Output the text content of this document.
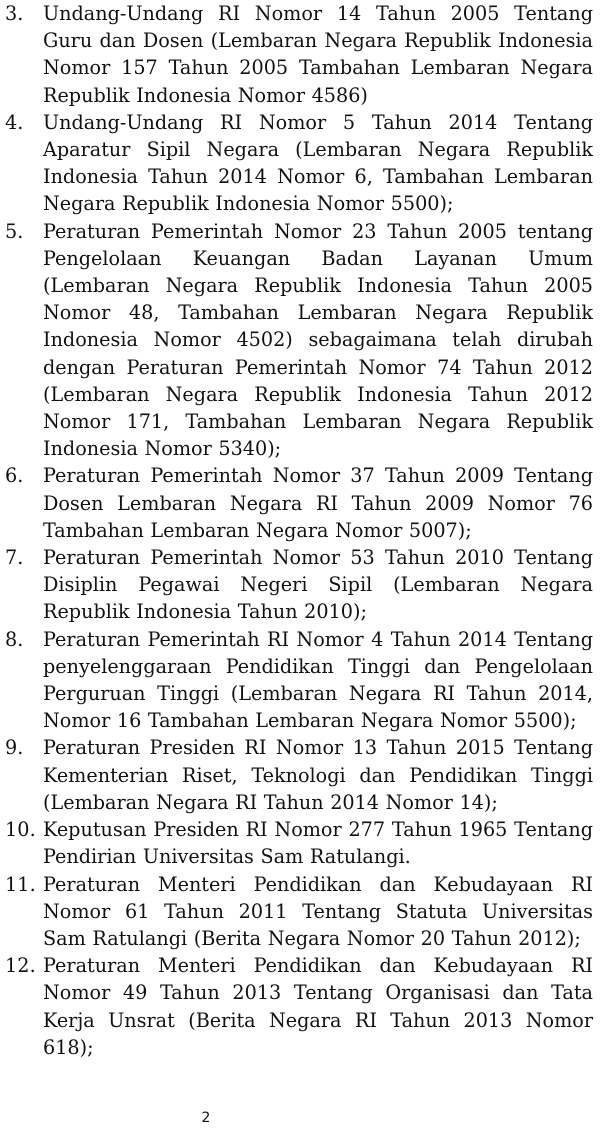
3. Undang-Undang RI Nomor 14 Tahun 2005 Tentang Guru dan Dosen (Lembaran Negara Republik Indonesia Nomor 157 Tahun 2005 Tambahan Lembaran Negara Republik Indonesia Nomor 4586)
4. Undang-Undang RI Nomor 5 Tahun 2014 Tentang Aparatur Sipil Negara (Lembaran Negara Republik Indonesia Tahun 2014 Nomor 6, Tambahan Lembaran Negara Republik Indonesia Nomor 5500);
5. Peraturan Pemerintah Nomor 23 Tahun 2005 tentang Pengelolaan Keuangan Badan Layanan Umum (Lembaran Negara Republik Indonesia Tahun 2005 Nomor 48, Tambahan Lembaran Negara Republik Indonesia Nomor 4502) sebagaimana telah dirubah dengan Peraturan Pemerintah Nomor 74 Tahun 2012 (Lembaran Negara Republik Indonesia Tahun 2012 Nomor 171, Tambahan Lembaran Negara Republik Indonesia Nomor 5340);
6. Peraturan Pemerintah Nomor 37 Tahun 2009 Tentang Dosen Lembaran Negara RI Tahun 2009 Nomor 76 Tambahan Lembaran Negara Nomor 5007);
7. Peraturan Pemerintah Nomor 53 Tahun 2010 Tentang Disiplin Pegawai Negeri Sipil (Lembaran Negara Republik Indonesia Tahun 2010);
8. Peraturan Pemerintah RI Nomor 4 Tahun 2014 Tentang penyelenggaraan Pendidikan Tinggi dan Pengelolaan Perguruan Tinggi (Lembaran Negara RI Tahun 2014, Nomor 16 Tambahan Lembaran Negara Nomor 5500);
9. Peraturan Presiden RI Nomor 13 Tahun 2015 Tentang Kementerian Riset, Teknologi dan Pendidikan Tinggi (Lembaran Negara RI Tahun 2014 Nomor 14);
10. Keputusan Presiden RI Nomor 277 Tahun 1965 Tentang Pendirian Universitas Sam Ratulangi.
11. Peraturan Menteri Pendidikan dan Kebudayaan RI Nomor 61 Tahun 2011 Tentang Statuta Universitas Sam Ratulangi (Berita Negara Nomor 20 Tahun 2012);
12. Peraturan Menteri Pendidikan dan Kebudayaan RI Nomor 49 Tahun 2013 Tentang Organisasi dan Tata Kerja Unsrat (Berita Negara RI Tahun 2013 Nomor 618);
2
